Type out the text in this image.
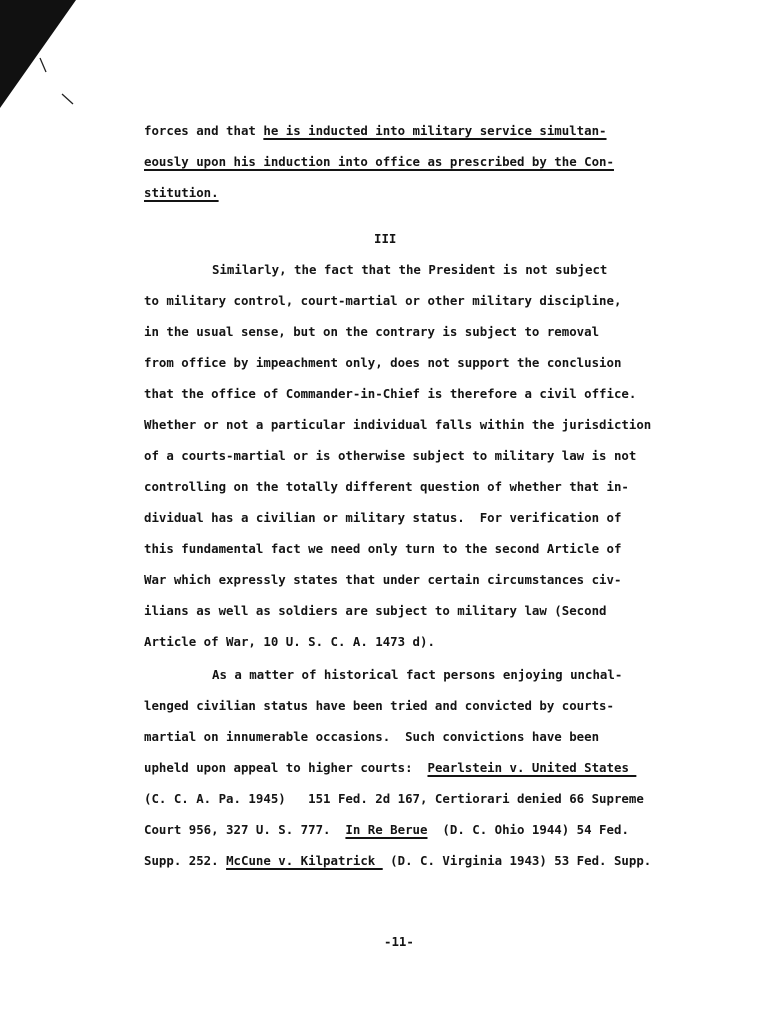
forces and that he is inducted into military service simultan-
eously upon his induction into office as prescribed by the Con-
stitution.
III
Similarly, the fact that the President is not subject
to military control, court-martial or other military discipline,
in the usual sense, but on the contrary is subject to removal
from office by impeachment only, does not support the conclusion
that the office of Commander-in-Chief is therefore a civil office.
Whether or not a particular individual falls within the jurisdiction
of a courts-martial or is otherwise subject to military law is not
controlling on the totally different question of whether that in-
dividual has a civilian or military status.  For verification of
this fundamental fact we need only turn to the second Article of
War which expressly states that under certain circumstances civ-
ilians as well as soldiers are subject to military law (Second
Article of War, 10 U. S. C. A. 1473 d).
As a matter of historical fact persons enjoying unchal-
lenged civilian status have been tried and convicted by courts-
martial on innumerable occasions.  Such convictions have been
upheld upon appeal to higher courts:  Pearlstein v. United States
(C. C. A. Pa. 1945)   151 Fed. 2d 167, Certiorari denied 66 Supreme
Court 956, 327 U. S. 777.  In Re Berue  (D. C. Ohio 1944) 54 Fed.
Supp. 252. McCune v. Kilpatrick  (D. C. Virginia 1943) 53 Fed. Supp.
-11-
